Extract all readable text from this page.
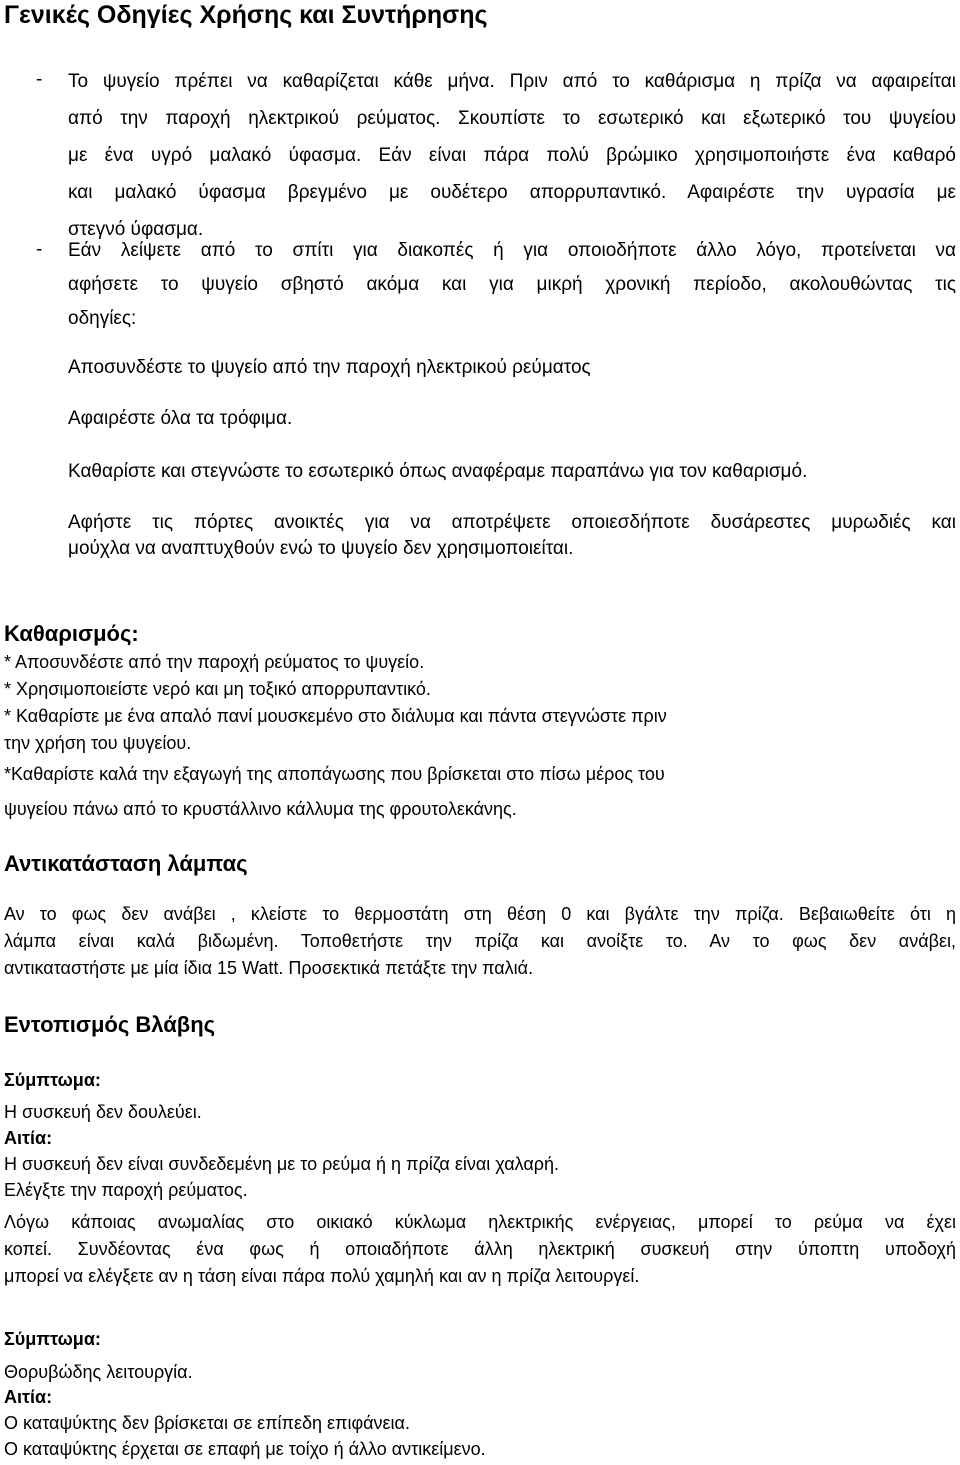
Γενικές Οδηγίες Χρήσης και Συντήρησης
- Το ψυγείο πρέπει να καθαρίζεται κάθε μήνα. Πριν από το καθάρισμα η πρίζα να αφαιρείται
από την παροχή ηλεκτρικού ρεύματος. Σκουπίστε το εσωτερικό και εξωτερικό του ψυγείου
με ένα υγρό μαλακό ύφασμα. Εάν είναι πάρα πολύ βρώμικο χρησιμοποιήστε ένα καθαρό
και μαλακό ύφασμα βρεγμένο με ουδέτερο απορρυπαντικό. Αφαιρέστε την υγρασία με
στεγνό ύφασμα.
- Εάν λείψετε από το σπίτι για διακοπές ή για οποιοδήποτε άλλο λόγο, προτείνεται να
αφήσετε το ψυγείο σβηστό ακόμα και για μικρή χρονική περίοδο, ακολουθώντας τις
οδηγίες:
Αποσυνδέστε το ψυγείο από την παροχή ηλεκτρικού ρεύματος
Αφαιρέστε όλα τα τρόφιμα.
Καθαρίστε και στεγνώστε το εσωτερικό όπως αναφέραμε παραπάνω για τον καθαρισμό.
Αφήστε τις πόρτες ανοικτές για να αποτρέψετε οποιεσδήποτε δυσάρεστες μυρωδιές και
μούχλα να αναπτυχθούν ενώ το ψυγείο δεν χρησιμοποιείται.
Καθαρισμός:
* Αποσυνδέστε από την παροχή ρεύματος το ψυγείο.
* Χρησιμοποιείστε νερό και μη τοξικό απορρυπαντικό.
* Καθαρίστε με ένα απαλό πανί μουσκεμένο στο διάλυμα και πάντα στεγνώστε πριν
την χρήση του ψυγείου.
*Καθαρίστε καλά την εξαγωγή της αποπάγωσης που βρίσκεται στο πίσω μέρος του
ψυγείου πάνω από το κρυστάλλινο κάλλυμα της φρουτολεκάνης.
Αντικατάσταση λάμπας
Αν το φως δεν ανάβει , κλείστε το θερμοστάτη στη θέση 0 και βγάλτε την πρίζα. Βεβαιωθείτε ότι η
λάμπα είναι καλά βιδωμένη. Τοποθετήστε την πρίζα και ανοίξτε το. Αν το φως δεν ανάβει,
αντικαταστήστε με μία ίδια 15 Watt. Προσεκτικά πετάξτε την παλιά.
Εντοπισμός Βλάβης
Σύμπτωμα:
Η συσκευή δεν δουλεύει.
Αιτία:
Η συσκευή δεν είναι συνδεδεμένη με το ρεύμα ή η πρίζα είναι χαλαρή.
Ελέγξτε την παροχή ρεύματος.
Λόγω κάποιας ανωμαλίας στο οικιακό κύκλωμα ηλεκτρικής ενέργειας, μπορεί το ρεύμα να έχει
κοπεί. Συνδέοντας ένα φως ή οποιαδήποτε άλλη ηλεκτρική συσκευή στην ύποπτη υποδοχή
μπορεί να ελέγξετε αν η τάση είναι πάρα πολύ χαμηλή και αν η πρίζα λειτουργεί.
Σύμπτωμα:
Θορυβώδης λειτουργία.
Αιτία:
Ο καταψύκτης δεν βρίσκεται σε επίπεδη επιφάνεια.
Ο καταψύκτης έρχεται σε επαφή με τοίχο ή άλλο αντικείμενο.
